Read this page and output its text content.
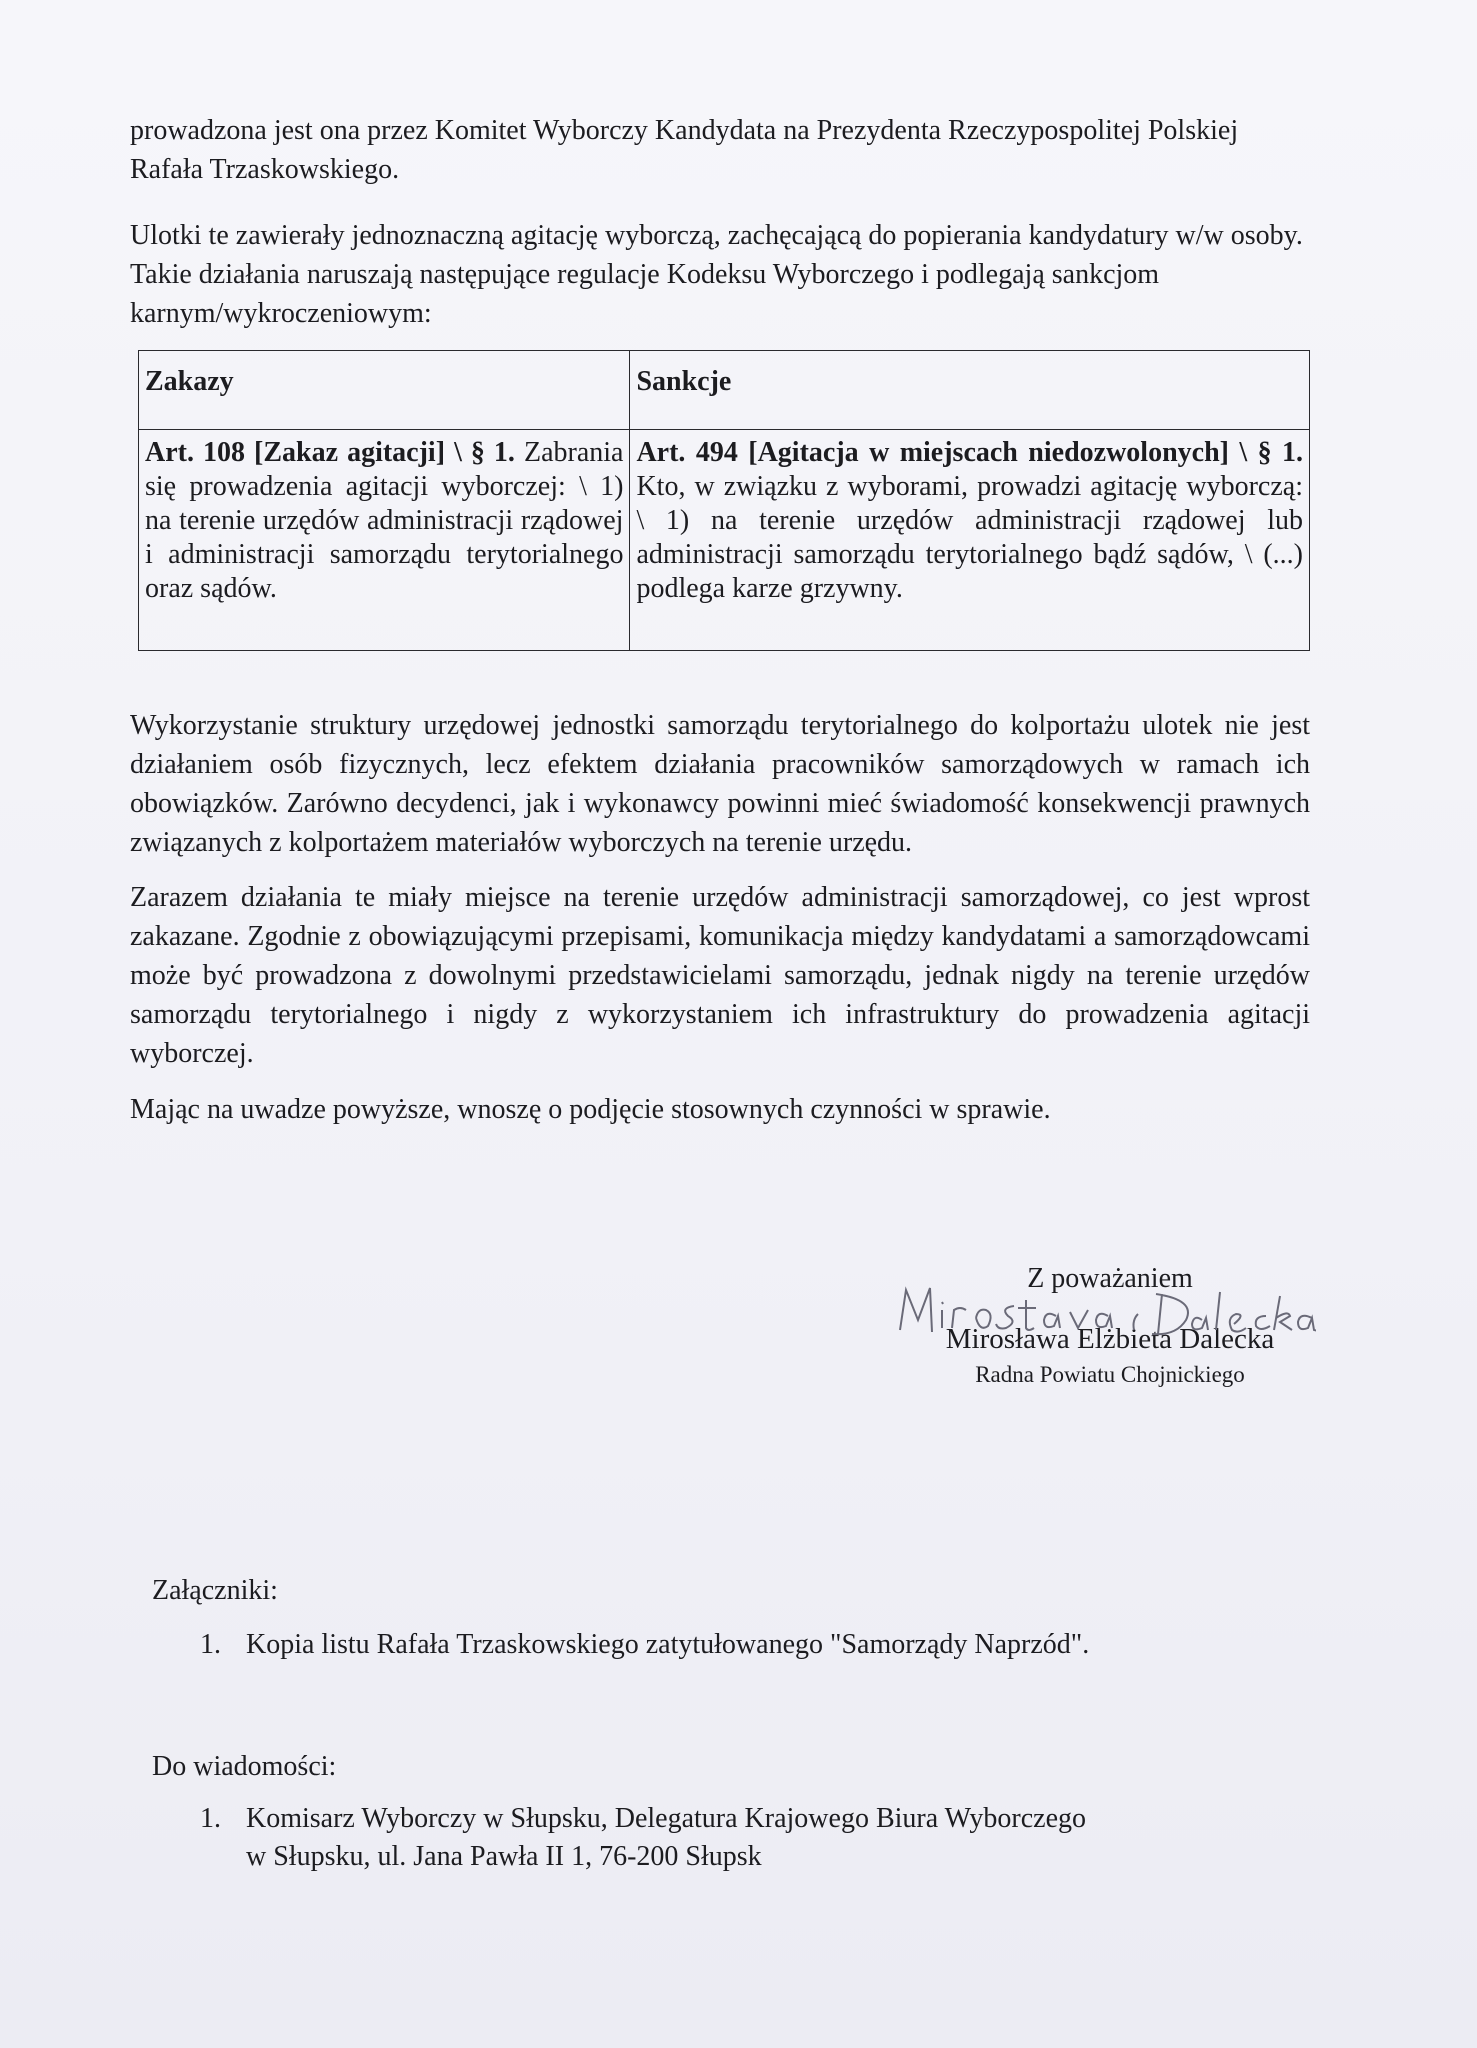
prowadzona jest ona przez Komitet Wyborczy Kandydata na Prezydenta Rzeczypospolitej Polskiej Rafała Trzaskowskiego.

Ulotki te zawierały jednoznaczną agitację wyborczą, zachęcającą do popierania kandydatury w/w osoby. Takie działania naruszają następujące regulacje Kodeksu Wyborczego i podlegają sankcjom karnym/wykroczeniowym:

Zakazy	Sankcje
Art. 108 [Zakaz agitacji] \ § 1. Zabrania się prowadzenia agitacji wyborczej: \ 1) na terenie urzędów administracji rządowej i administracji samorządu terytorialnego oraz sądów.	Art. 494 [Agitacja w miejscach niedozwolonych] \ § 1. Kto, w związku z wyborami, prowadzi agitację wyborczą: \ 1) na terenie urzędów administracji rządowej lub administracji samorządu terytorialnego bądź sądów, \ (...) podlega karze grzywny.

Wykorzystanie struktury urzędowej jednostki samorządu terytorialnego do kolportażu ulotek nie jest działaniem osób fizycznych, lecz efektem działania pracowników samorządowych w ramach ich obowiązków. Zarówno decydenci, jak i wykonawcy powinni mieć świadomość konsekwencji prawnych związanych z kolportażem materiałów wyborczych na terenie urzędu.

Zarazem działania te miały miejsce na terenie urzędów administracji samorządowej, co jest wprost zakazane. Zgodnie z obowiązującymi przepisami, komunikacja między kandydatami a samorządowcami może być prowadzona z dowolnymi przedstawicielami samorządu, jednak nigdy na terenie urzędów samorządu terytorialnego i nigdy z wykorzystaniem ich infrastruktury do prowadzenia agitacji wyborczej.

Mając na uwadze powyższe, wnoszę o podjęcie stosownych czynności w sprawie.

Z poważaniem
Mirosława Elżbieta Dalecka
Radna Powiatu Chojnickiego
Załączniki:
1. Kopia listu Rafała Trzaskowskiego zatytułowanego "Samorządy Naprzód".
Do wiadomości:
1. Komisarz Wyborczy w Słupsku, Delegatura Krajowego Biura Wyborczego
w Słupsku, ul. Jana Pawła II 1, 76-200 Słupsk
